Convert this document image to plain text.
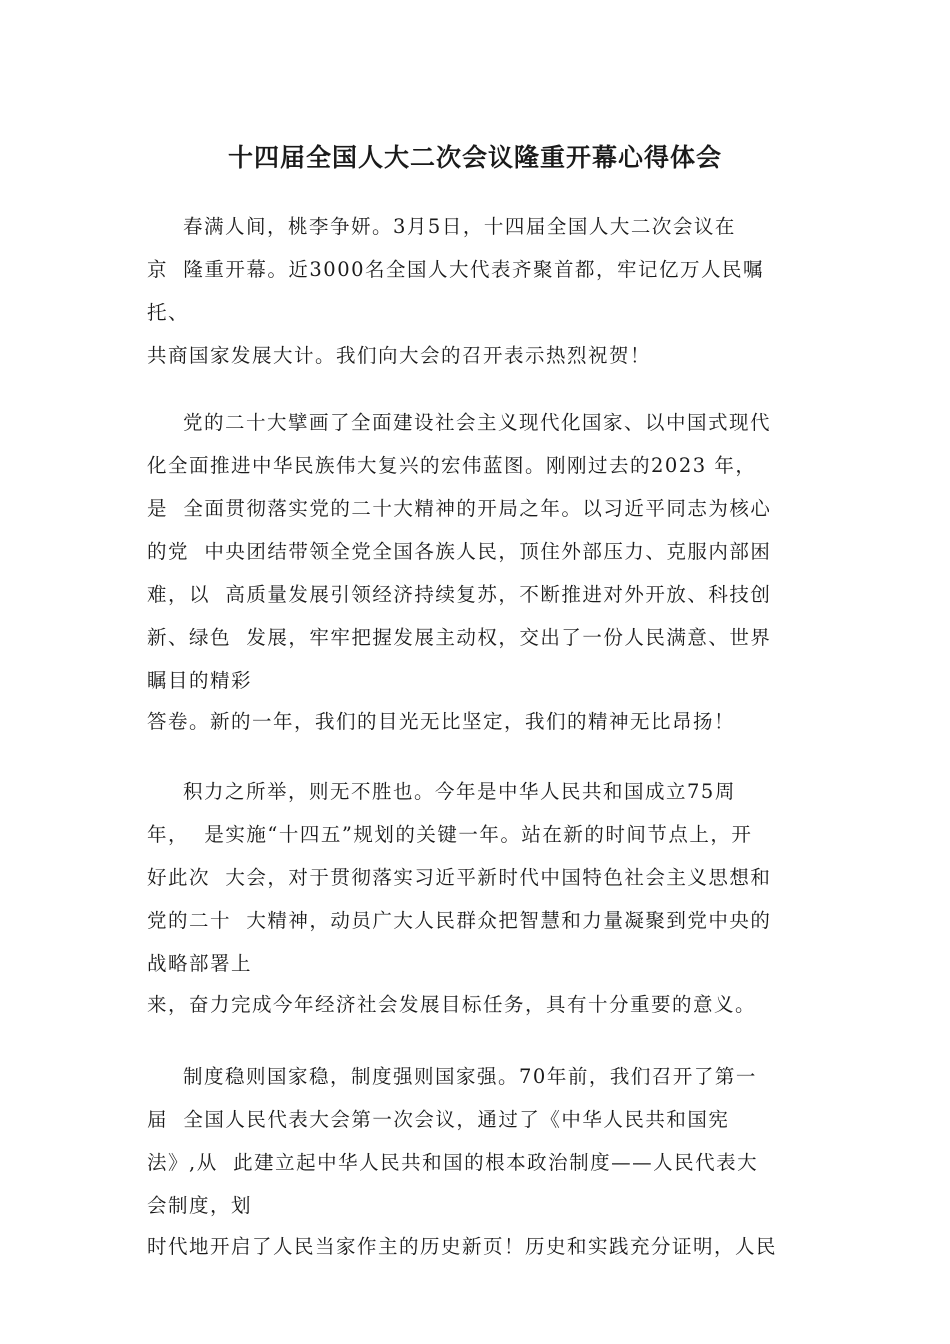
十四届全国人大二次会议隆重开幕心得体会
春满人间，桃李争妍。3月5日，十四届全国人大二次会议在
京  隆重开幕。近3000名全国人大代表齐聚首都，牢记亿万人民嘱
托、
共商国家发展大计。我们向大会的召开表示热烈祝贺！
党的二十大擘画了全面建设社会主义现代化国家、以中国式现代
化全面推进中华民族伟大复兴的宏伟蓝图。刚刚过去的2023 年，
是  全面贯彻落实党的二十大精神的开局之年。以习近平同志为核心
的党  中央团结带领全党全国各族人民，顶住外部压力、克服内部困
难，以  高质量发展引领经济持续复苏，不断推进对外开放、科技创
新、绿色  发展，牢牢把握发展主动权，交出了一份人民满意、世界
瞩目的精彩
答卷。新的一年，我们的目光无比坚定，我们的精神无比昂扬！
积力之所举，则无不胜也。今年是中华人民共和国成立75周
年，  是实施“十四五”规划的关键一年。站在新的时间节点上，开
好此次  大会，对于贯彻落实习近平新时代中国特色社会主义思想和
党的二十  大精神，动员广大人民群众把智慧和力量凝聚到党中央的
战略部署上
来，奋力完成今年经济社会发展目标任务，具有十分重要的意义。
制度稳则国家稳，制度强则国家强。70年前，我们召开了第一
届  全国人民代表大会第一次会议，通过了《中华人民共和国宪
法》,从  此建立起中华人民共和国的根本政治制度——人民代表大
会制度，划
时代地开启了人民当家作主的历史新页！历史和实践充分证明，人民
